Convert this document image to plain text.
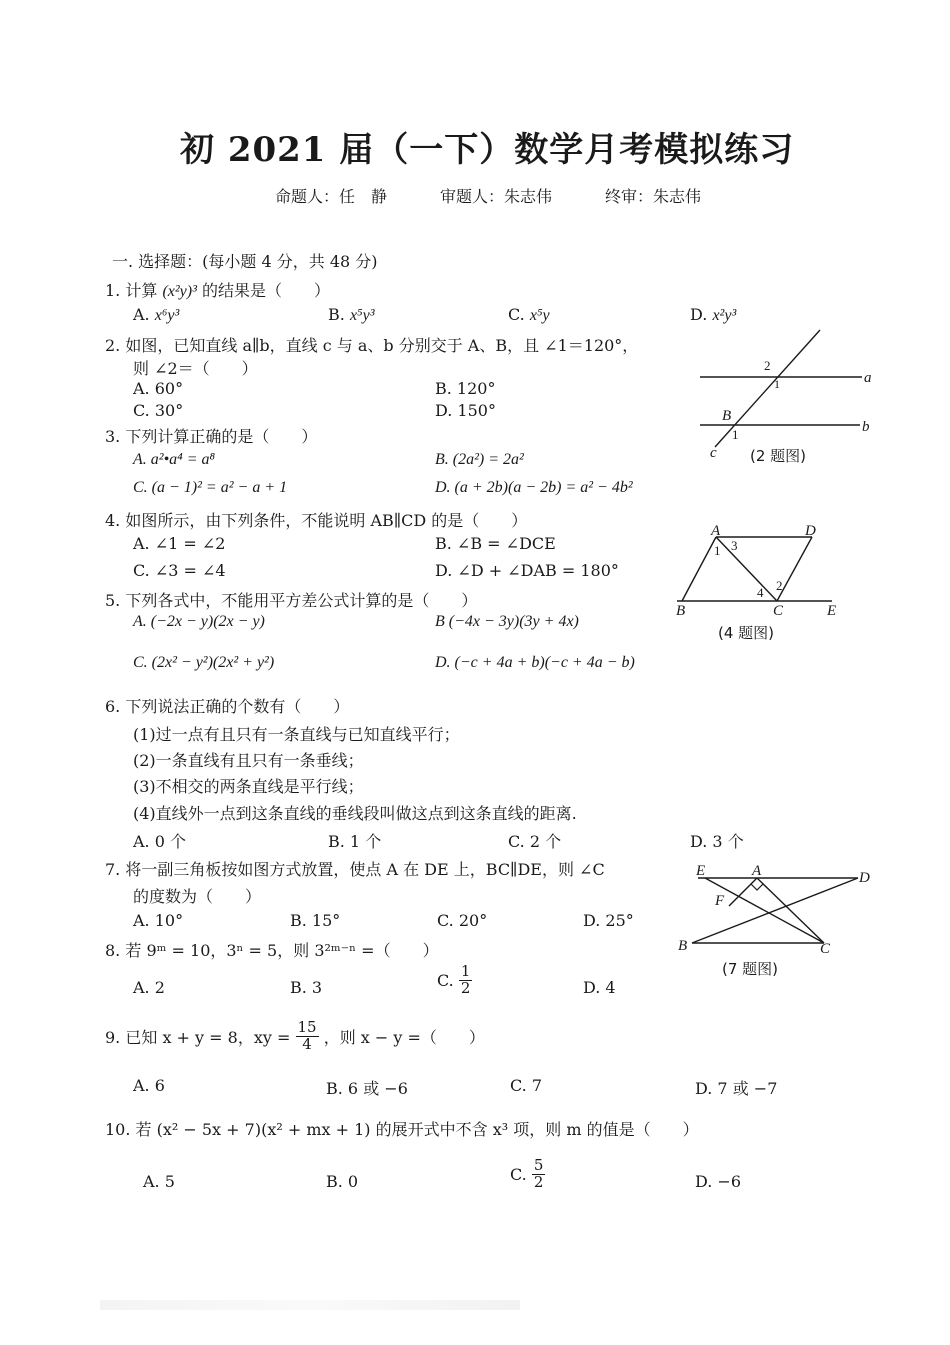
初 2021 届（一下）数学月考模拟练习
命题人：任　静	审题人：朱志伟	终审：朱志伟
一. 选择题：(每小题 4 分，共 48 分)
1. 计算 (x²y)³ 的结果是（　　）
A. x⁶y³	B. x⁵y³	C. x⁵y	D. x²y³
2. 如图，已知直线 a∥b，直线 c 与 a、b 分别交于 A、B，且 ∠1＝120°，
则 ∠2＝（　　）
A. 60°	B. 120°
C. 30°	D. 150°
a
b
c
2
1
B
1
(2 题图)
3. 下列计算正确的是（　　）
A. a²•a⁴ = a⁸	B. (2a²) = 2a²
C. (a − 1)² = a² − a + 1	D. (a + 2b)(a − 2b) = a² − 4b²
4. 如图所示，由下列条件，不能说明 AB∥CD 的是（　　）
A. ∠1 = ∠2	B. ∠B = ∠DCE
C. ∠3 = ∠4	D. ∠D + ∠DAB = 180°
A	D
B	C	E
1 3
4 2
(4 题图)
5. 下列各式中，不能用平方差公式计算的是（　　）
A. (−2x − y)(2x − y)	B (−4x − 3y)(3y + 4x)
C. (2x² − y²)(2x² + y²)	D. (−c + 4a + b)(−c + 4a − b)
6. 下列说法正确的个数有（　　）
(1)过一点有且只有一条直线与已知直线平行；
(2)一条直线有且只有一条垂线；
(3)不相交的两条直线是平行线；
(4)直线外一点到这条直线的垂线段叫做这点到这条直线的距离.
A. 0 个	B. 1 个	C. 2 个	D. 3 个
7. 将一副三角板按如图方式放置，使点 A 在 DE 上，BC∥DE，则 ∠C
的度数为（　　）
A. 10°	B. 15°	C. 20°	D. 25°
E	A	D
F
B	C
(7 题图)
8. 若 9ᵐ = 10，3ⁿ = 5，则 3²ᵐ⁻ⁿ =（　　）
A. 2	B. 3	C. $\frac{1}{2}$	D. 4
9. 已知 x + y = 8，xy = $\frac{15}{4}$ ，则 x − y =（　　）
A. 6	B. 6 或 −6	C. 7	D. 7 或 −7
10. 若 (x² − 5x + 7)(x² + mx + 1) 的展开式中不含 x³ 项，则 m 的值是（　　）
A. 5	B. 0	C. $\frac{5}{2}$	D. −6
